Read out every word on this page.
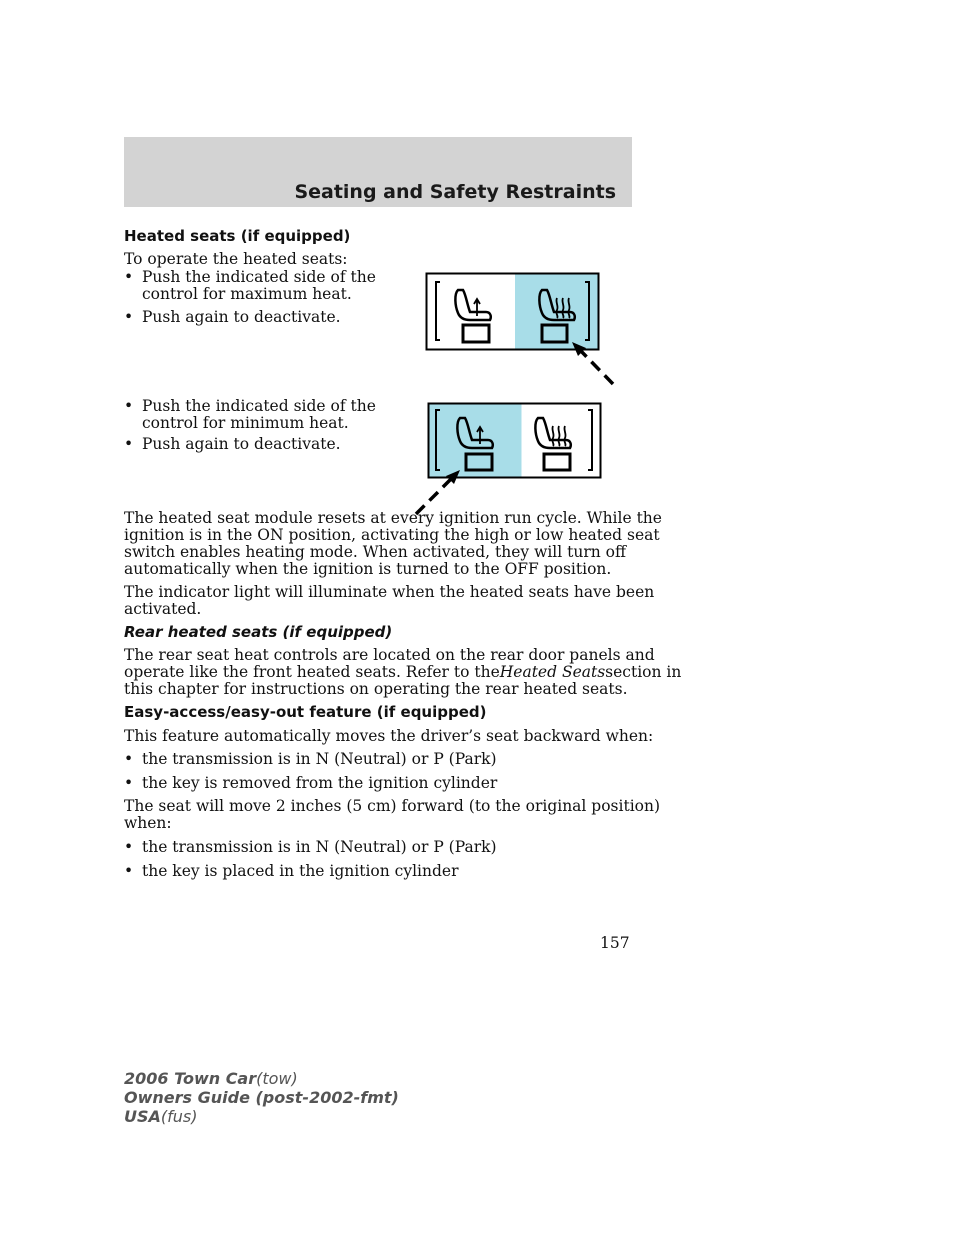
Seating and Safety Restraints
Heated seats (if equipped)
To operate the heated seats:
• Push the indicated side of the
control for maximum heat.
• Push again to deactivate.
• Push the indicated side of the
control for minimum heat.
• Push again to deactivate.
The heated seat module resets at every ignition run cycle. While the
ignition is in the ON position, activating the high or low heated seat
switch enables heating mode. When activated, they will turn off
automatically when the ignition is turned to the OFF position.
The indicator light will illuminate when the heated seats have been
activated.
Rear heated seats (if equipped)
The rear seat heat controls are located on the rear door panels and
operate like the front heated seats. Refer to theHeated Seatssection in
this chapter for instructions on operating the rear heated seats.
Easy-access/easy-out feature (if equipped)
This feature automatically moves the driver’s seat backward when:
• the transmission is in N (Neutral) or P (Park)
• the key is removed from the ignition cylinder
The seat will move 2 inches (5 cm) forward (to the original position)
when:
• the transmission is in N (Neutral) or P (Park)
• the key is placed in the ignition cylinder
157
2006 Town Car(tow)
Owners Guide (post-2002-fmt)
USA(fus)
